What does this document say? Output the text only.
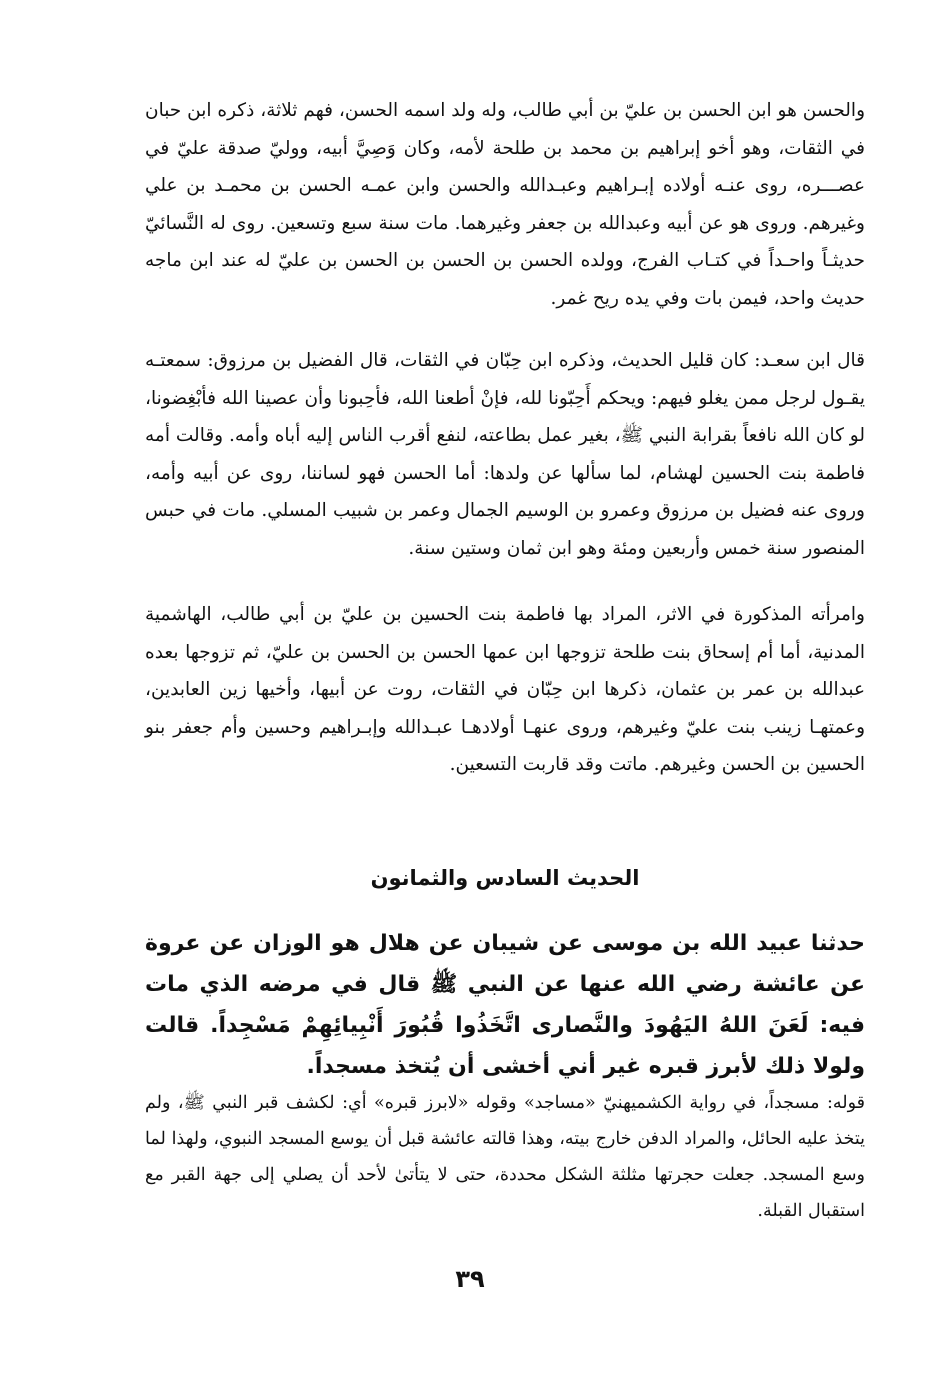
والحسن هو ابن الحسن بن عليّ بن أبي طالب، وله ولد اسمه الحسن، فهم ثلاثة، ذكره ابن حبان في الثقات، وهو أخو إبراهيم بن محمد بن طلحة لأمه، وكان وَصِيَّ أبيه، ووليّ صدقة عليّ في عصـــره، روى عنـه أولاده إبـراهيم وعبـدالله والحسن وابن عمـه الحسن بن محمـد بن علي وغيرهم. وروى هو عن أبيه وعبدالله بن جعفر وغيرهما. مات سنة سبع وتسعين. روى له النَّسائيّ حديثـاً واحـداً في كتـاب الفرج، وولده الحسن بن الحسن بن الحسن بن عليّ له عند ابن ماجه حديث واحد، فيمن بات وفي يده ريح غمر.

قال ابن سعـد: كان قليل الحديث، وذكره ابن حِبّان في الثقات، قال الفضيل بن مرزوق: سمعتـه يقـول لرجل ممن يغلو فيهم: ويحكم أَحِبّونا لله، فإنْ أطعنا الله، فأحِبونا وأن عصينا الله فأبْغِضونا، لو كان الله نافعاً بقرابة النبي ﷺ، بغير عمل بطاعته، لنفع أقرب الناس إليه أباه وأمه. وقالت أمه فاطمة بنت الحسين لهشام، لما سألها عن ولدها: أما الحسن فهو لساننا، روى عن أبيه وأمه، وروى عنه فضيل بن مرزوق وعمرو بن الوسيم الجمال وعمر بن شبيب المسلي. مات في حبس المنصور سنة خمس وأربعين ومئة وهو ابن ثمان وستين سنة.

وامرأته المذكورة في الاثر، المراد بها فاطمة بنت الحسين بن عليّ بن أبي طالب، الهاشمية المدنية، أما أم إسحاق بنت طلحة تزوجها ابن عمها الحسن بن الحسن بن عليّ، ثم تزوجها بعده عبدالله بن عمر بن عثمان، ذكرها ابن حِبّان في الثقات، روت عن أبيها، وأخيها زين العابدين، وعمتهـا زينب بنت عليّ وغيرهم، وروى عنهـا أولادهـا عبـدالله وإبـراهيم وحسين وأم جعفر بنو الحسين بن الحسن وغيرهم. ماتت وقد قاربت التسعين.

الحديث السادس والثمانون

حدثنا عبيد الله بن موسى عن شيبان عن هلال هو الوزان عن عروة عن عائشة رضي الله عنها عن النبي ﷺ قال في مرضه الذي مات فيه: لَعَنَ اللهُ اليَهُودَ والنَّصارى اتَّخَذُوا قُبُورَ أَنْبِيائِهِمْ مَسْجِداً. قالت ولولا ذلك لأبرز قبره غير أني أخشى أن يُتخذ مسجداً.

قوله: مسجداً، في رواية الكشميهنيّ «مساجد» وقوله «لابرز قبره» أي: لكشف قبر النبي ﷺ، ولم يتخذ عليه الحائل، والمراد الدفن خارج بيته، وهذا قالته عائشة قبل أن يوسع المسجد النبوي، ولهذا لما وسع المسجد. جعلت حجرتها مثلثة الشكل محددة، حتى لا يتأتىٰ لأحد أن يصلي إلى جهة القبر مع استقبال القبلة.

٣٩
